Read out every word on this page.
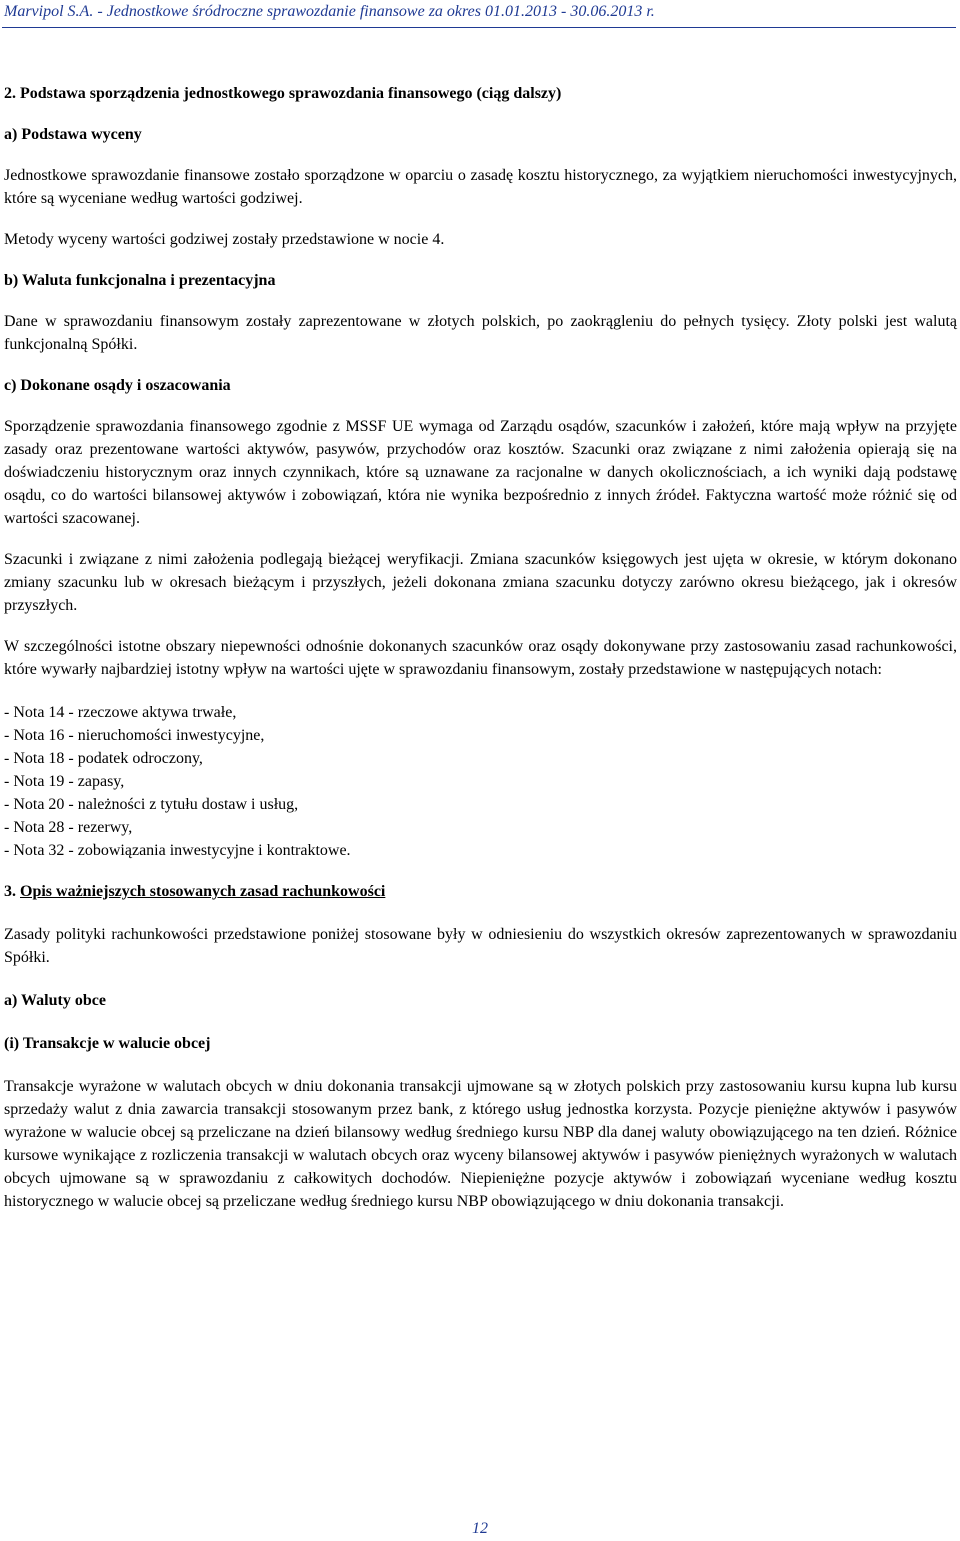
Marvipol S.A. - Jednostkowe śródroczne sprawozdanie finansowe za okres 01.01.2013 - 30.06.2013 r.

2. Podstawa sporządzenia jednostkowego sprawozdania finansowego (ciąg dalszy)

a) Podstawa wyceny

Jednostkowe sprawozdanie finansowe zostało sporządzone w oparciu o zasadę kosztu historycznego, za wyjątkiem nieruchomości inwestycyjnych, które są wyceniane według wartości godziwej.

Metody wyceny wartości godziwej zostały przedstawione w nocie 4.

b) Waluta funkcjonalna i prezentacyjna

Dane w sprawozdaniu finansowym zostały zaprezentowane w złotych polskich, po zaokrągleniu do pełnych tysięcy. Złoty polski jest walutą funkcjonalną Spółki.

c) Dokonane osądy i oszacowania

Sporządzenie sprawozdania finansowego zgodnie z MSSF UE wymaga od Zarządu osądów, szacunków i założeń, które mają wpływ na przyjęte zasady oraz prezentowane wartości aktywów, pasywów, przychodów oraz kosztów. Szacunki oraz związane z nimi założenia opierają się na doświadczeniu historycznym oraz innych czynnikach, które są uznawane za racjonalne w danych okolicznościach, a ich wyniki dają podstawę osądu, co do wartości bilansowej aktywów i zobowiązań, która nie wynika bezpośrednio z innych źródeł. Faktyczna wartość może różnić się od wartości szacowanej.

Szacunki i związane z nimi założenia podlegają bieżącej weryfikacji. Zmiana szacunków księgowych jest ujęta w okresie, w którym dokonano zmiany szacunku lub w okresach bieżącym i przyszłych, jeżeli dokonana zmiana szacunku dotyczy zarówno okresu bieżącego, jak i okresów przyszłych.

W szczególności istotne obszary niepewności odnośnie dokonanych szacunków oraz osądy dokonywane przy zastosowaniu zasad rachunkowości, które wywarły najbardziej istotny wpływ na wartości ujęte w sprawozdaniu finansowym, zostały przedstawione w następujących notach:

- Nota 14 - rzeczowe aktywa trwałe,
- Nota 16 - nieruchomości inwestycyjne,
- Nota 18 - podatek odroczony,
- Nota 19 - zapasy,
- Nota 20 - należności z tytułu dostaw i usług,
- Nota 28 - rezerwy,
- Nota 32 - zobowiązania inwestycyjne i kontraktowe.

3. Opis ważniejszych stosowanych zasad rachunkowości

Zasady polityki rachunkowości przedstawione poniżej stosowane były w odniesieniu do wszystkich okresów zaprezentowanych w sprawozdaniu Spółki.

a) Waluty obce

(i) Transakcje w walucie obcej

Transakcje wyrażone w walutach obcych w dniu dokonania transakcji ujmowane są w złotych polskich przy zastosowaniu kursu kupna lub kursu sprzedaży walut z dnia zawarcia transakcji stosowanym przez bank, z którego usług jednostka korzysta. Pozycje pieniężne aktywów i pasywów wyrażone w walucie obcej są przeliczane na dzień bilansowy według średniego kursu NBP dla danej waluty obowiązującego na ten dzień. Różnice kursowe wynikające z rozliczenia transakcji w walutach obcych oraz wyceny bilansowej aktywów i pasywów pieniężnych wyrażonych w walutach obcych ujmowane są w sprawozdaniu z całkowitych dochodów. Niepieniężne pozycje aktywów i zobowiązań wyceniane według kosztu historycznego w walucie obcej są przeliczane według średniego kursu NBP obowiązującego w dniu dokonania transakcji.

12
